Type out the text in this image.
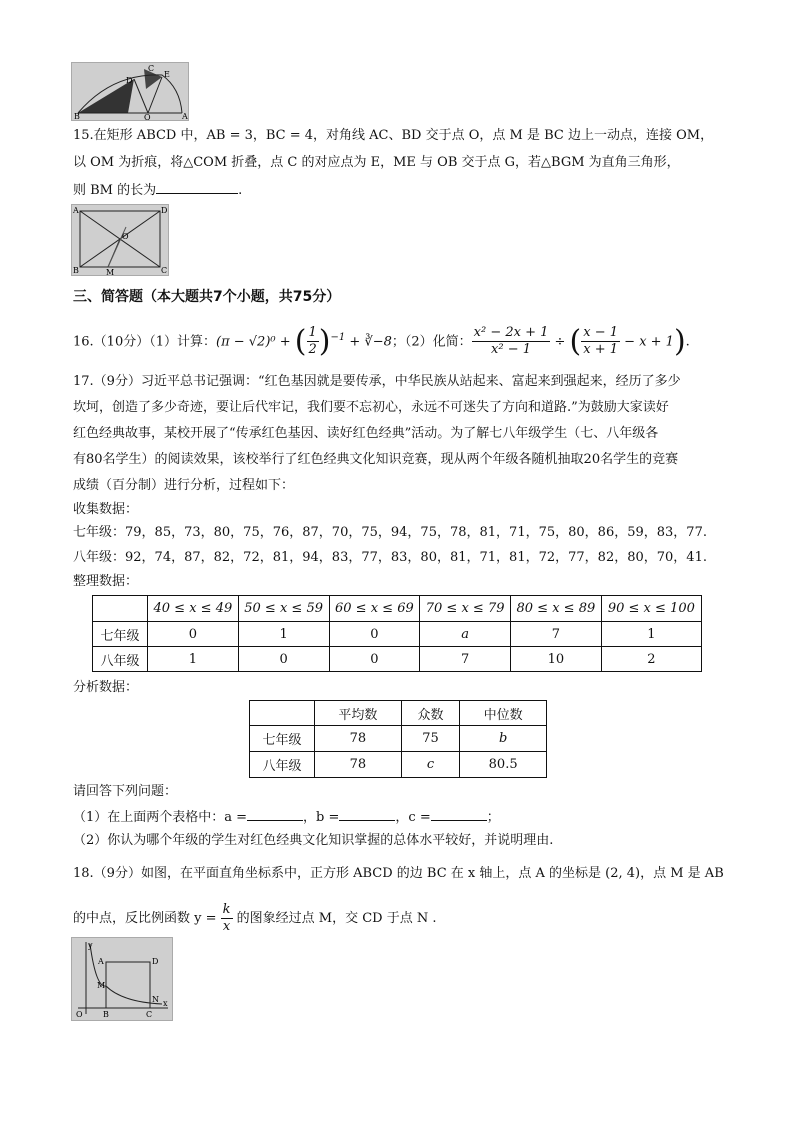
C
D
E
B	O	A
15.在矩形 ABCD 中，AB = 3，BC = 4，对角线 AC、BD 交于点 O，点 M 是 BC 边上一动点，连接 OM，
以 OM 为折痕，将△COM 折叠，点 C 的对应点为 E，ME 与 OB 交于点 G，若△BGM 为直角三角形，
则 BM 的长为	.
A	D
O
B	M	C
三、简答题（本大题共7个小题，共75分）
16.（10分）（1）计算：(π − √2)⁰ + ( $\frac{1}{2} )^{-1}$ + ∛−8；（2）化简： $\frac{\text{x² − 2x + 1}}{\text{x² − 1}}$ ÷ ( $\frac{x - 1}{x + 1} - x + 1$).
17.（9分）习近平总书记强调：“红色基因就是要传承，中华民族从站起来、富起来到强起来，经历了多少
坎坷，创造了多少奇迹，要让后代牢记，我们要不忘初心，永远不可迷失了方向和道路.”为鼓励大家读好
红色经典故事，某校开展了“传承红色基因、读好红色经典”活动。为了解七八年级学生（七、八年级各
有80名学生）的阅读效果，该校举行了红色经典文化知识竞赛，现从两个年级各随机抽取20名学生的竞赛
成绩（百分制）进行分析，过程如下：
收集数据：
七年级：79，85，73，80，75，76，87，70，75，94，75，78，81，71，75，80，86，59，83，77.
八年级：92，74，87，82，72，81，94，83，77，83，80，81，71，81，72，77，82，80，70，41.
整理数据：
	40 ≤ x ≤ 49	50 ≤ x ≤ 59	60 ≤ x ≤ 69	70 ≤ x ≤ 79	80 ≤ x ≤ 89	90 ≤ x ≤ 100
七年级	0	1	0	a	7	1
八年级	1	0	0	7	10	2
分析数据：
	平均数	众数	中位数
七年级	78	75	b
八年级	78	c	80.5
请回答下列问题：
（1）在上面两个表格中：a =	，b =	，c =	；
（2）你认为哪个年级的学生对红色经典文化知识掌握的总体水平较好，并说明理由.
18.（9分）如图，在平面直角坐标系中，正方形 ABCD 的边 BC 在 x 轴上，点 A 的坐标是 (2, 4)，点 M 是 AB
的中点，反比例函数 $y = \frac{k}{x}$ 的图象经过点 M，交 CD 于点 N .
y
A	D
M
N
O	B	C
x
